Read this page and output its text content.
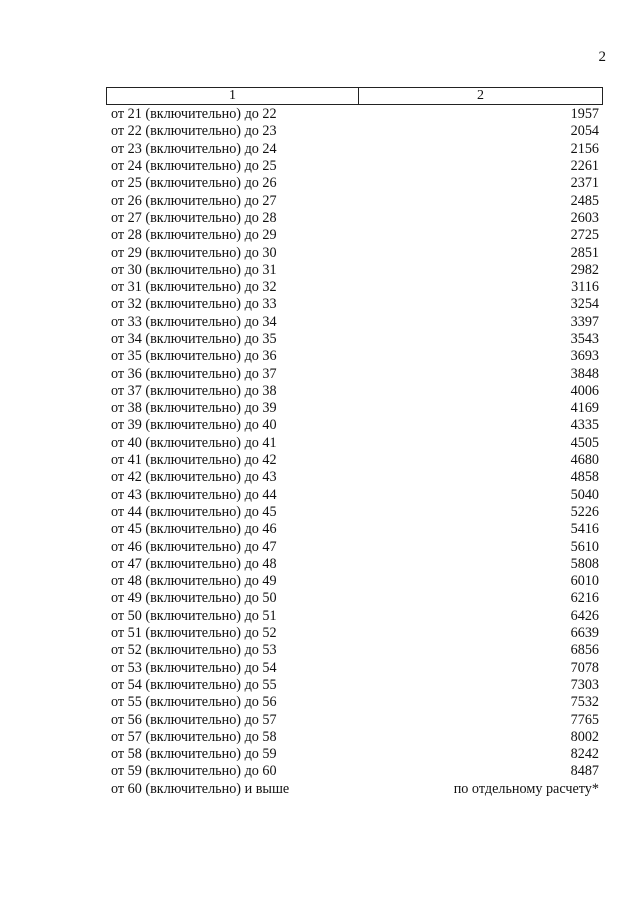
2
1	2
от 21 (включительно) до 22	1957
от 22 (включительно) до 23	2054
от 23 (включительно) до 24	2156
от 24 (включительно) до 25	2261
от 25 (включительно) до 26	2371
от 26 (включительно) до 27	2485
от 27 (включительно) до 28	2603
от 28 (включительно) до 29	2725
от 29 (включительно) до 30	2851
от 30 (включительно) до 31	2982
от 31 (включительно) до 32	3116
от 32 (включительно) до 33	3254
от 33 (включительно) до 34	3397
от 34 (включительно) до 35	3543
от 35 (включительно) до 36	3693
от 36 (включительно) до 37	3848
от 37 (включительно) до 38	4006
от 38 (включительно) до 39	4169
от 39 (включительно) до 40	4335
от 40 (включительно) до 41	4505
от 41 (включительно) до 42	4680
от 42 (включительно) до 43	4858
от 43 (включительно) до 44	5040
от 44 (включительно) до 45	5226
от 45 (включительно) до 46	5416
от 46 (включительно) до 47	5610
от 47 (включительно) до 48	5808
от 48 (включительно) до 49	6010
от 49 (включительно) до 50	6216
от 50 (включительно) до 51	6426
от 51 (включительно) до 52	6639
от 52 (включительно) до 53	6856
от 53 (включительно) до 54	7078
от 54 (включительно) до 55	7303
от 55 (включительно) до 56	7532
от 56 (включительно) до 57	7765
от 57 (включительно) до 58	8002
от 58 (включительно) до 59	8242
от 59 (включительно) до 60	8487
от 60 (включительно) и выше	по отдельному расчету*
